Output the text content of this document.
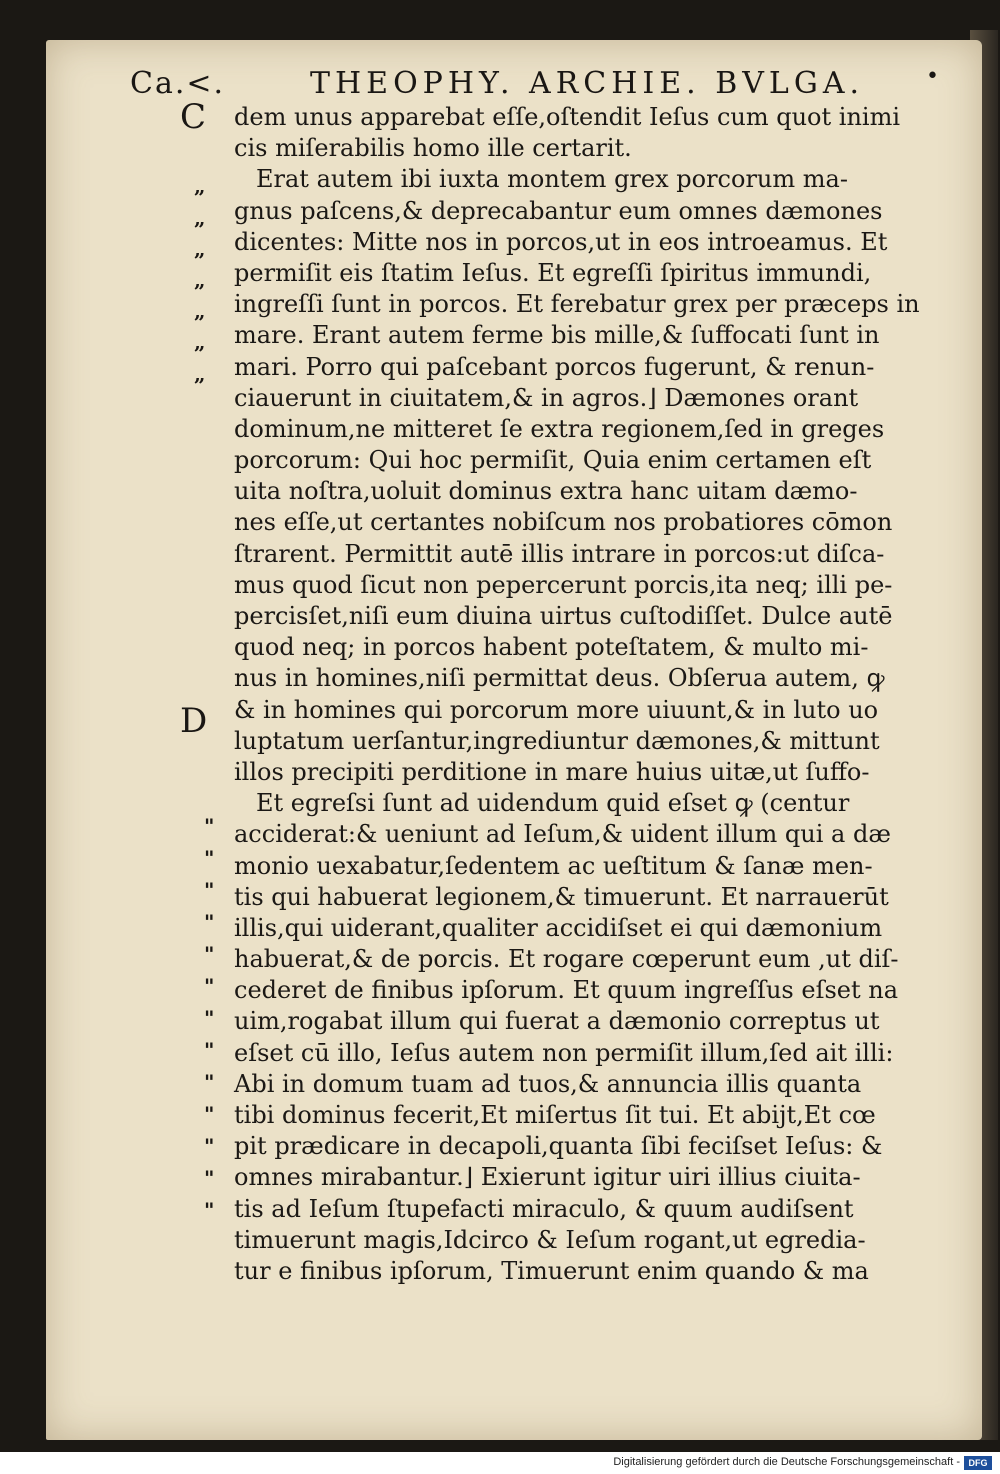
Ca.<.	THEOPHY. ARCHIE. BVLGA.	•
C
D
„
„
„
„
„
„
„
"
"
"
"
"
"
"
"
"
"
"
"
"
dem unus apparebat eſſe,oſtendit Ieſus cum quot inimi
cis miſerabilis homo ille certarit.
Erat autem ibi iuxta montem grex porcorum ma-
gnus paſcens,& deprecabantur eum omnes dæmones
dicentes: Mitte nos in porcos,ut in eos introeamus. Et
permiſit eis ſtatim Ieſus. Et egreſſi ſpiritus immundi,
ingreſſi ſunt in porcos. Et ferebatur grex per præceps in
mare. Erant autem ferme bis mille,& ſuffocati ſunt in
mari. Porro qui paſcebant porcos fugerunt, & renun-
ciauerunt in ciuitatem,& in agros.⌋ Dæmones orant
dominum,ne mitteret ſe extra regionem,ſed in greges
porcorum: Qui hoc permiſit, Quia enim certamen eſt
uita noſtra,uoluit dominus extra hanc uitam dæmo-
nes eſſe,ut certantes nobiſcum nos probatiores cōmon
ſtrarent. Permittit autē illis intrare in porcos:ut diſca-
mus quod ſicut non pepercerunt porcis,ita neq; illi pe-
percisſet,niſi eum diuina uirtus cuſtodiſſet. Dulce autē
quod neq; in porcos habent poteſtatem, & multo mi-
nus in homines,niſi permittat deus. Obſerua autem, ꝙ
& in homines qui porcorum more uiuunt,& in luto uo
luptatum uerſantur,ingrediuntur dæmones,& mittunt
illos precipiti perditione in mare huius uitæ,ut ſuffo-
Et egreſsi ſunt ad uidendum quid eſset ꝙ (centur
acciderat:& ueniunt ad Ieſum,& uident illum qui a dæ
monio uexabatur,ſedentem ac ueſtitum & ſanæ men-
tis qui habuerat legionem,& timuerunt. Et narrauerūt
illis,qui uiderant,qualiter accidiſset ei qui dæmonium
habuerat,& de porcis. Et rogare cœperunt eum ,ut diſ-
cederet de finibus ipſorum. Et quum ingreſſus eſset na
uim,rogabat illum qui fuerat a dæmonio correptus ut
eſset cū illo, Ieſus autem non permiſit illum,ſed ait illi:
Abi in domum tuam ad tuos,& annuncia illis quanta
tibi dominus fecerit,Et miſertus ſit tui. Et abijt,Et cœ
pit prædicare in decapoli,quanta ſibi feciſset Ieſus: &
omnes mirabantur.⌋ Exierunt igitur uiri illius ciuita-
tis ad Ieſum ſtupefacti miraculo, & quum audiſsent
timuerunt magis,Idcirco & Ieſum rogant,ut egredia-
tur e finibus ipſorum, Timuerunt enim quando & ma
Digitalisierung gefördert durch die Deutsche Forschungsgemeinschaft - DFG
